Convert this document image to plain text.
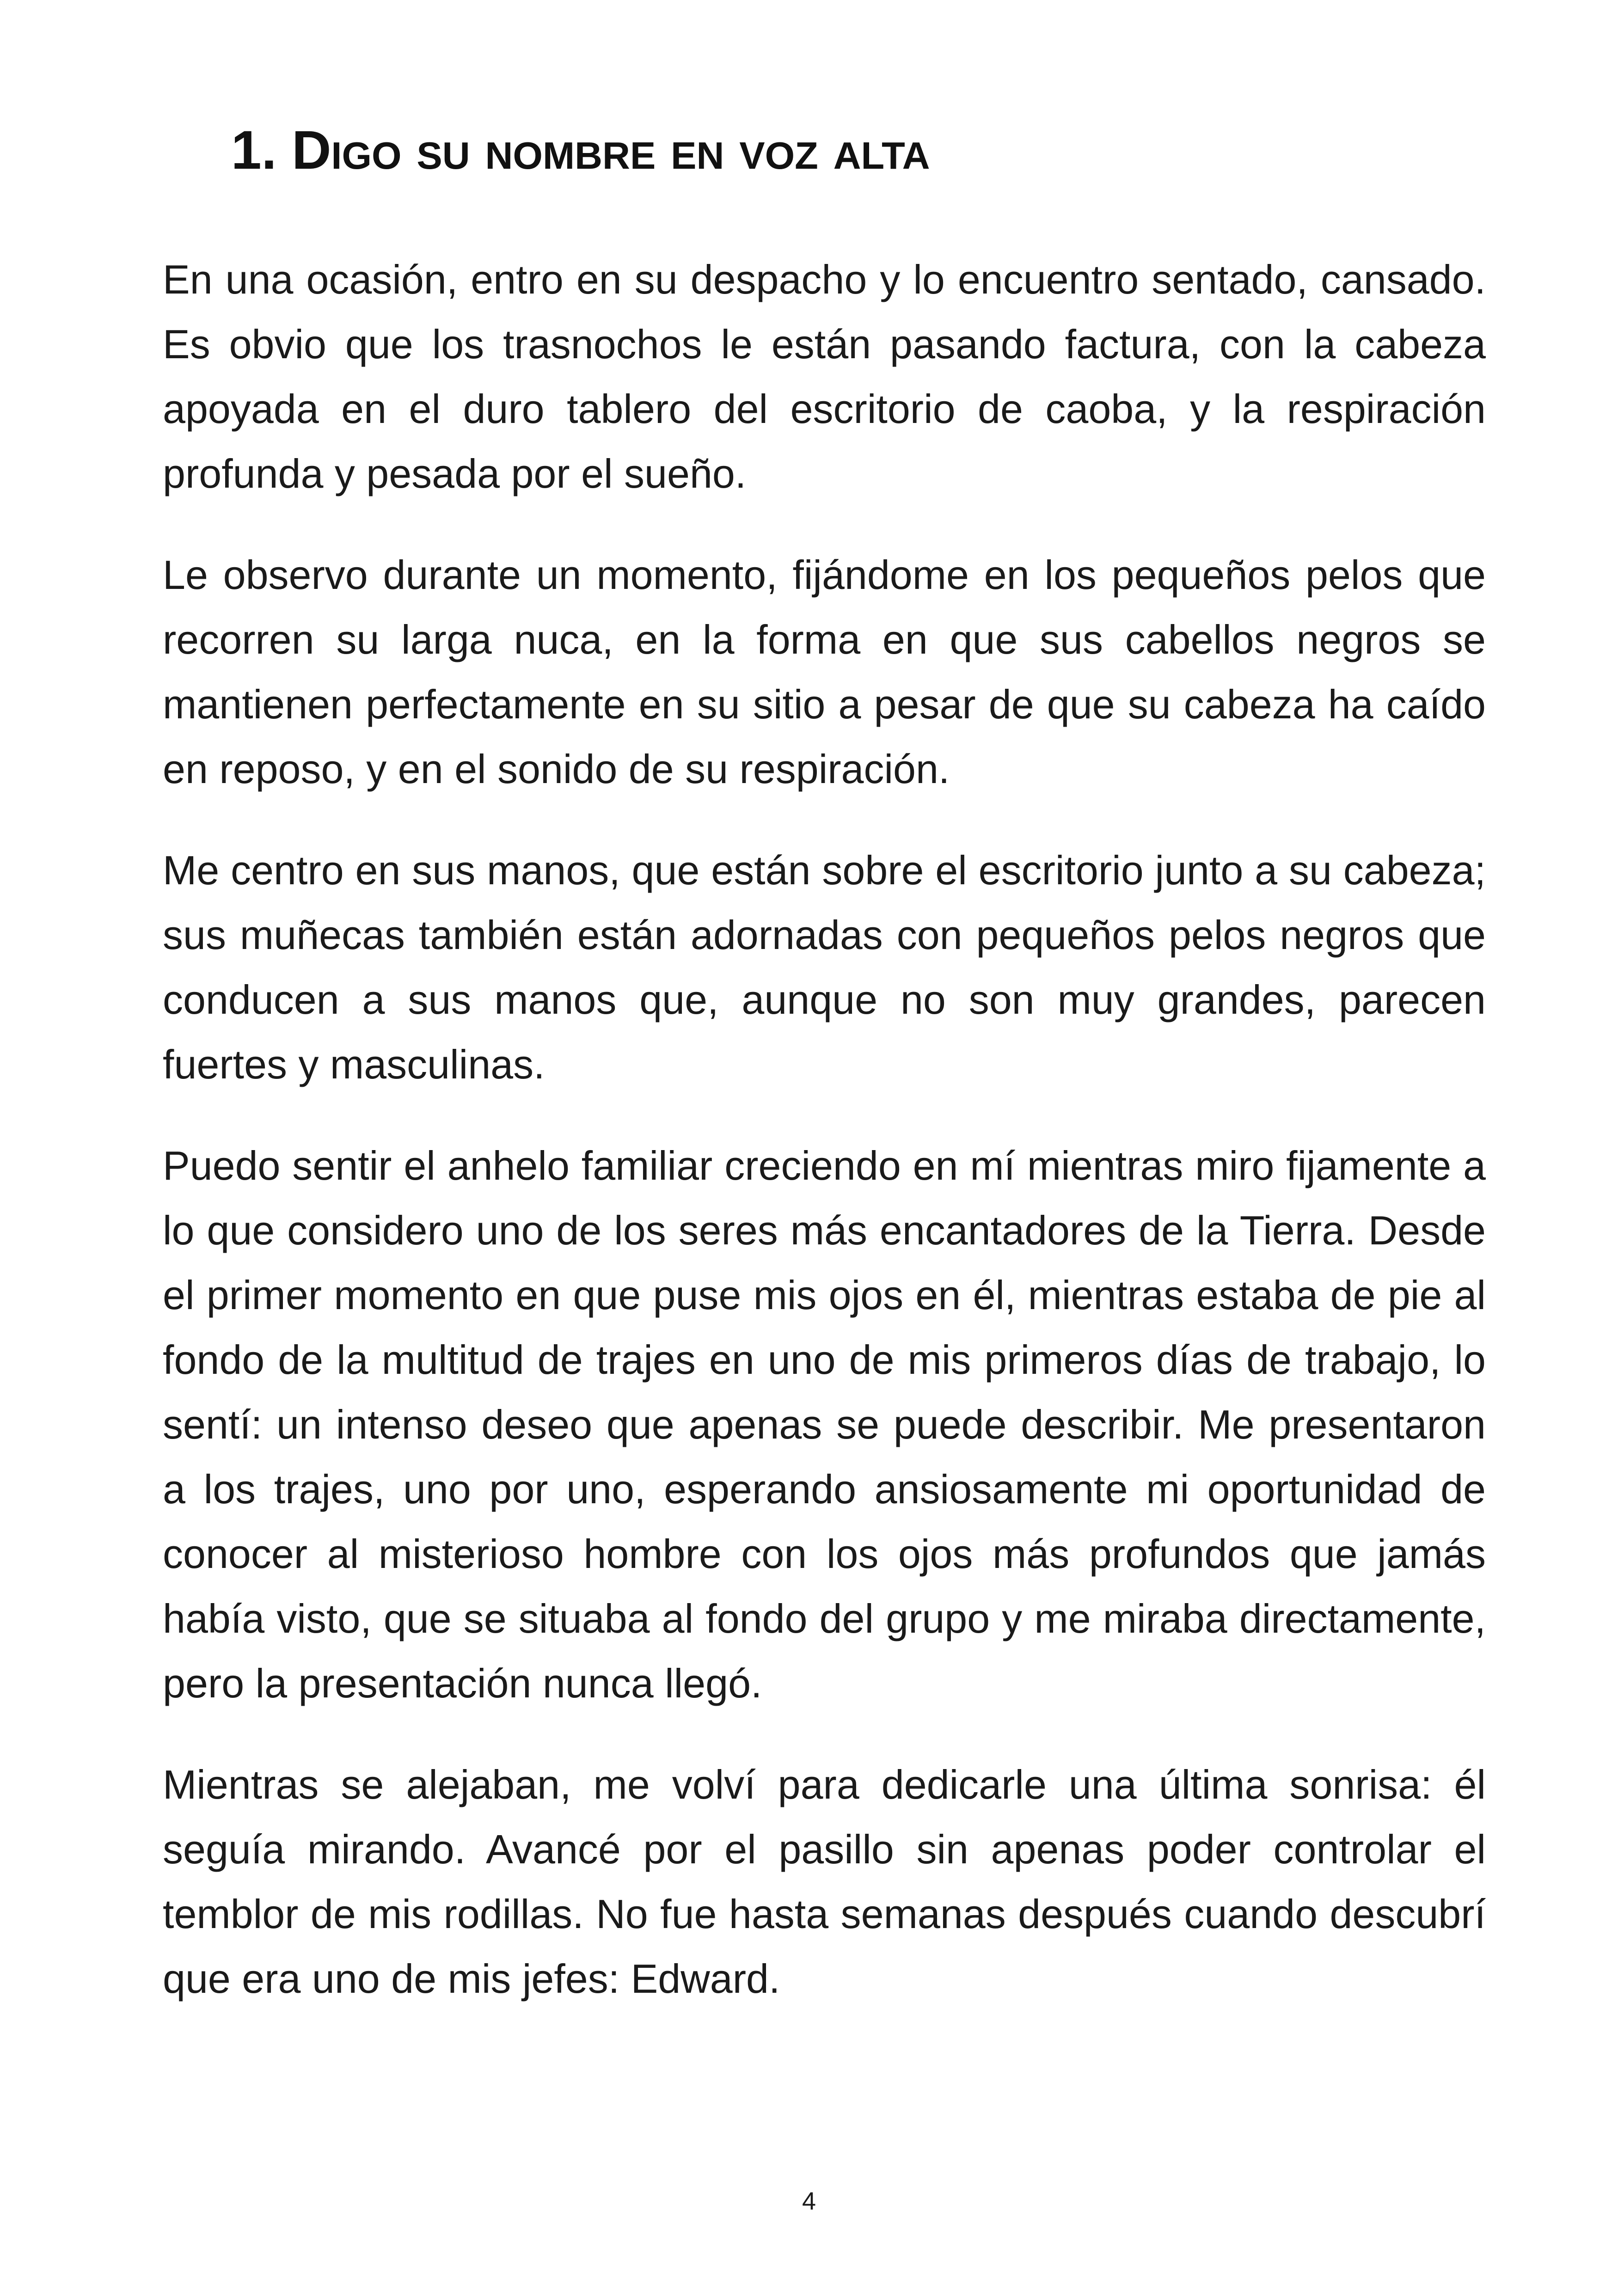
1. Digo su nombre en voz alta

En una ocasión, entro en su despacho y lo encuentro sentado, cansado. Es obvio que los trasnochos le están pasando factura, con la cabeza apoyada en el duro tablero del escritorio de caoba, y la respiración profunda y pesada por el sueño.

Le observo durante un momento, fijándome en los pequeños pelos que recorren su larga nuca, en la forma en que sus cabellos negros se mantienen perfectamente en su sitio a pesar de que su cabeza ha caído en reposo, y en el sonido de su respiración.

Me centro en sus manos, que están sobre el escritorio junto a su cabeza; sus muñecas también están adornadas con pequeños pelos negros que conducen a sus manos que, aunque no son muy grandes, parecen fuertes y masculinas.

Puedo sentir el anhelo familiar creciendo en mí mientras miro fijamente a lo que considero uno de los seres más encantadores de la Tierra. Desde el primer momento en que puse mis ojos en él, mientras estaba de pie al fondo de la multitud de trajes en uno de mis primeros días de trabajo, lo sentí: un intenso deseo que apenas se puede describir. Me presentaron a los trajes, uno por uno, esperando ansiosamente mi oportunidad de conocer al misterioso hombre con los ojos más profundos que jamás había visto, que se situaba al fondo del grupo y me miraba directamente, pero la presentación nunca llegó.

Mientras se alejaban, me volví para dedicarle una última sonrisa: él seguía mirando. Avancé por el pasillo sin apenas poder controlar el temblor de mis rodillas. No fue hasta semanas después cuando descubrí que era uno de mis jefes: Edward.

4
